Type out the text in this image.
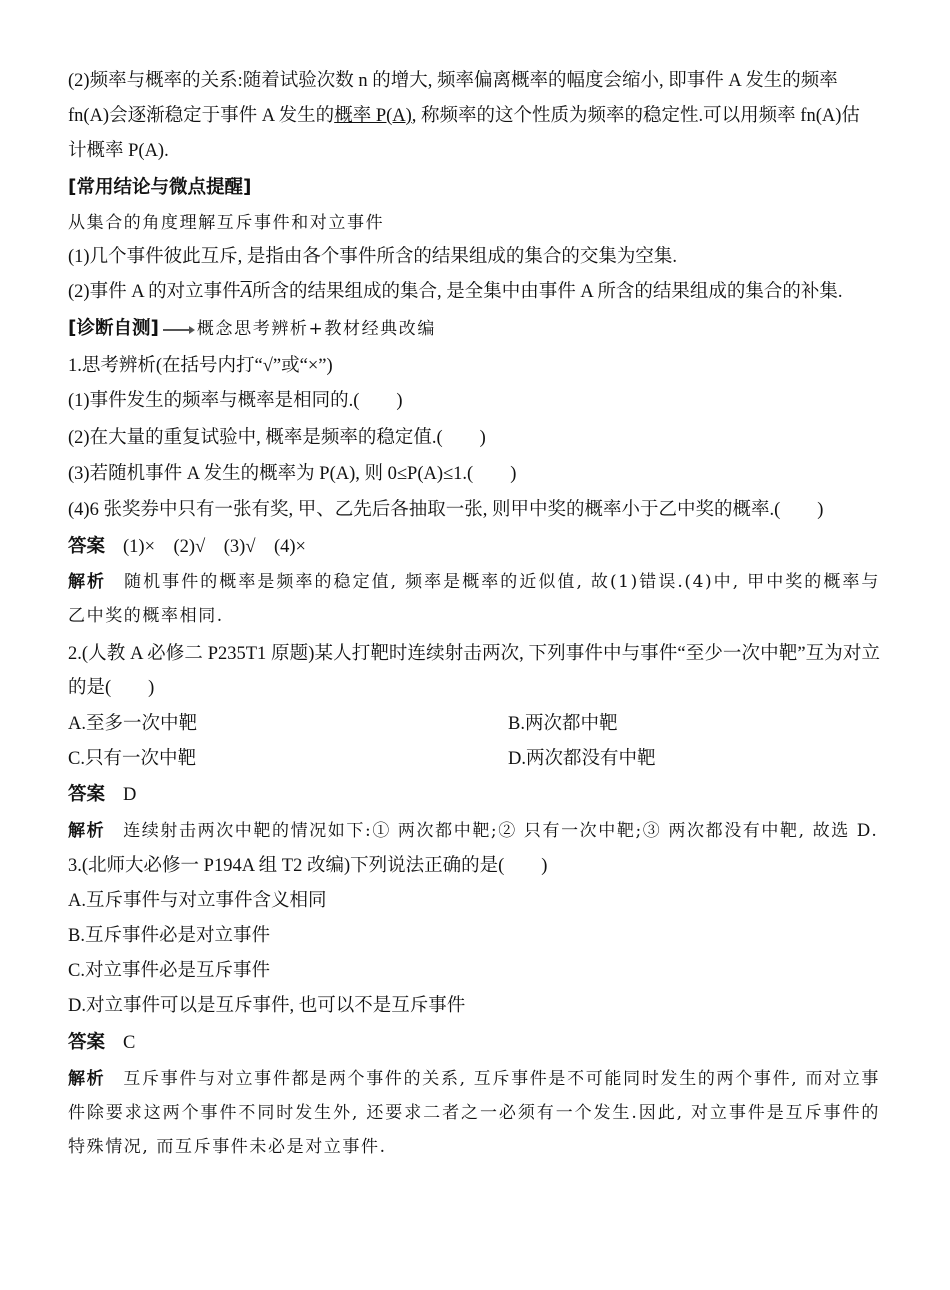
(2)频率与概率的关系:随着试验次数 n 的增大, 频率偏离概率的幅度会缩小, 即事件 A 发生的频率
fn(A)会逐渐稳定于事件 A 发生的概率 P(A), 称频率的这个性质为频率的稳定性.可以用频率 fn(A)估
计概率 P(A).
[常用结论与微点提醒]
从集合的角度理解互斥事件和对立事件
(1)几个事件彼此互斥, 是指由各个事件所含的结果组成的集合的交集为空集.
(2)事件 A 的对立事件$\overline{A}$所含的结果组成的集合, 是全集中由事件 A 所含的结果组成的集合的补集.
[诊断自测] 概念思考辨析+教材经典改编
1.思考辨析(在括号内打“√”或“×”)
(1)事件发生的频率与概率是相同的.(　　)
(2)在大量的重复试验中, 概率是频率的稳定值.(　　)
(3)若随机事件 A 发生的概率为 P(A), 则 0≤P(A)≤1.(　　)
(4)6 张奖券中只有一张有奖, 甲、乙先后各抽取一张, 则甲中奖的概率小于乙中奖的概率.(　　)
答案 (1)×　(2)√　(3)√　(4)×
解析 随机事件的概率是频率的稳定值, 频率是概率的近似值, 故(1)错误.(4)中, 甲中奖的概率与乙中奖的概率相同.
2.(人教 A 必修二 P235T1 原题)某人打靶时连续射击两次, 下列事件中与事件“至少一次中靶”互为对立的是(　　)
A.至多一次中靶	B.两次都中靶
C.只有一次中靶	D.两次都没有中靶
答案 D
解析 连续射击两次中靶的情况如下:① 两次都中靶;② 只有一次中靶;③ 两次都没有中靶, 故选 D.
3.(北师大必修一 P194A 组 T2 改编)下列说法正确的是(　　)
A.互斥事件与对立事件含义相同
B.互斥事件必是对立事件
C.对立事件必是互斥事件
D.对立事件可以是互斥事件, 也可以不是互斥事件
答案 C
解析 互斥事件与对立事件都是两个事件的关系, 互斥事件是不可能同时发生的两个事件, 而对立事件除要求这两个事件不同时发生外, 还要求二者之一必须有一个发生.因此, 对立事件是互斥事件的特殊情况, 而互斥事件未必是对立事件.
